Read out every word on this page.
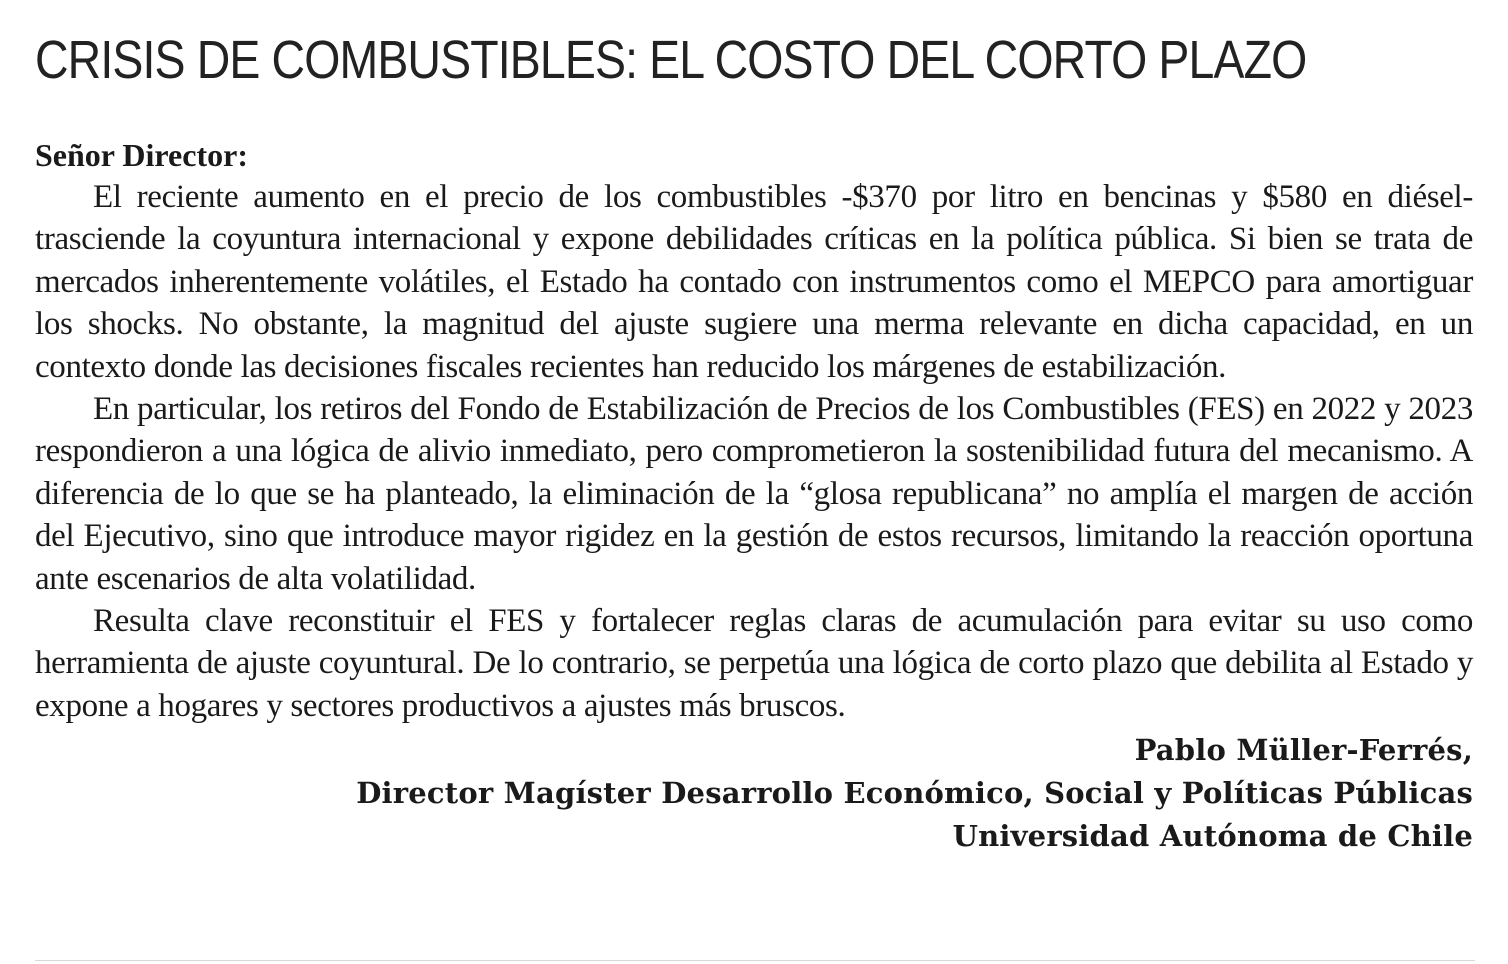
CRISIS DE COMBUSTIBLES: EL COSTO DEL CORTO PLAZO
Señor Director:

El reciente aumento en el precio de los combustibles -$370 por litro en bencinas y $580 en diésel- trasciende la coyuntura internacional y expone debilidades críticas en la política pública. Si bien se trata de mercados inherentemente volátiles, el Estado ha contado con instrumentos como el MEPCO para amortiguar los shocks. No obstante, la magnitud del ajuste sugiere una merma relevante en dicha capacidad, en un contexto donde las decisiones fiscales recientes han reducido los márgenes de estabilización.

En particular, los retiros del Fondo de Estabilización de Precios de los Combustibles (FES) en 2022 y 2023 respondieron a una lógica de alivio inmediato, pero comprometieron la sostenibilidad futura del mecanismo. A diferencia de lo que se ha planteado, la eliminación de la “glosa republicana” no amplía el margen de acción del Ejecutivo, sino que introduce mayor rigidez en la gestión de estos recursos, limitando la reacción oportuna ante escenarios de alta volatilidad.

Resulta clave reconstituir el FES y fortalecer reglas claras de acumulación para evitar su uso como herramienta de ajuste coyuntural. De lo contrario, se perpetúa una lógica de corto plazo que debilita al Estado y expone a hogares y sectores productivos a ajustes más bruscos.

Pablo Müller-Ferrés,
Director Magíster Desarrollo Económico, Social y Políticas Públicas
Universidad Autónoma de Chile
